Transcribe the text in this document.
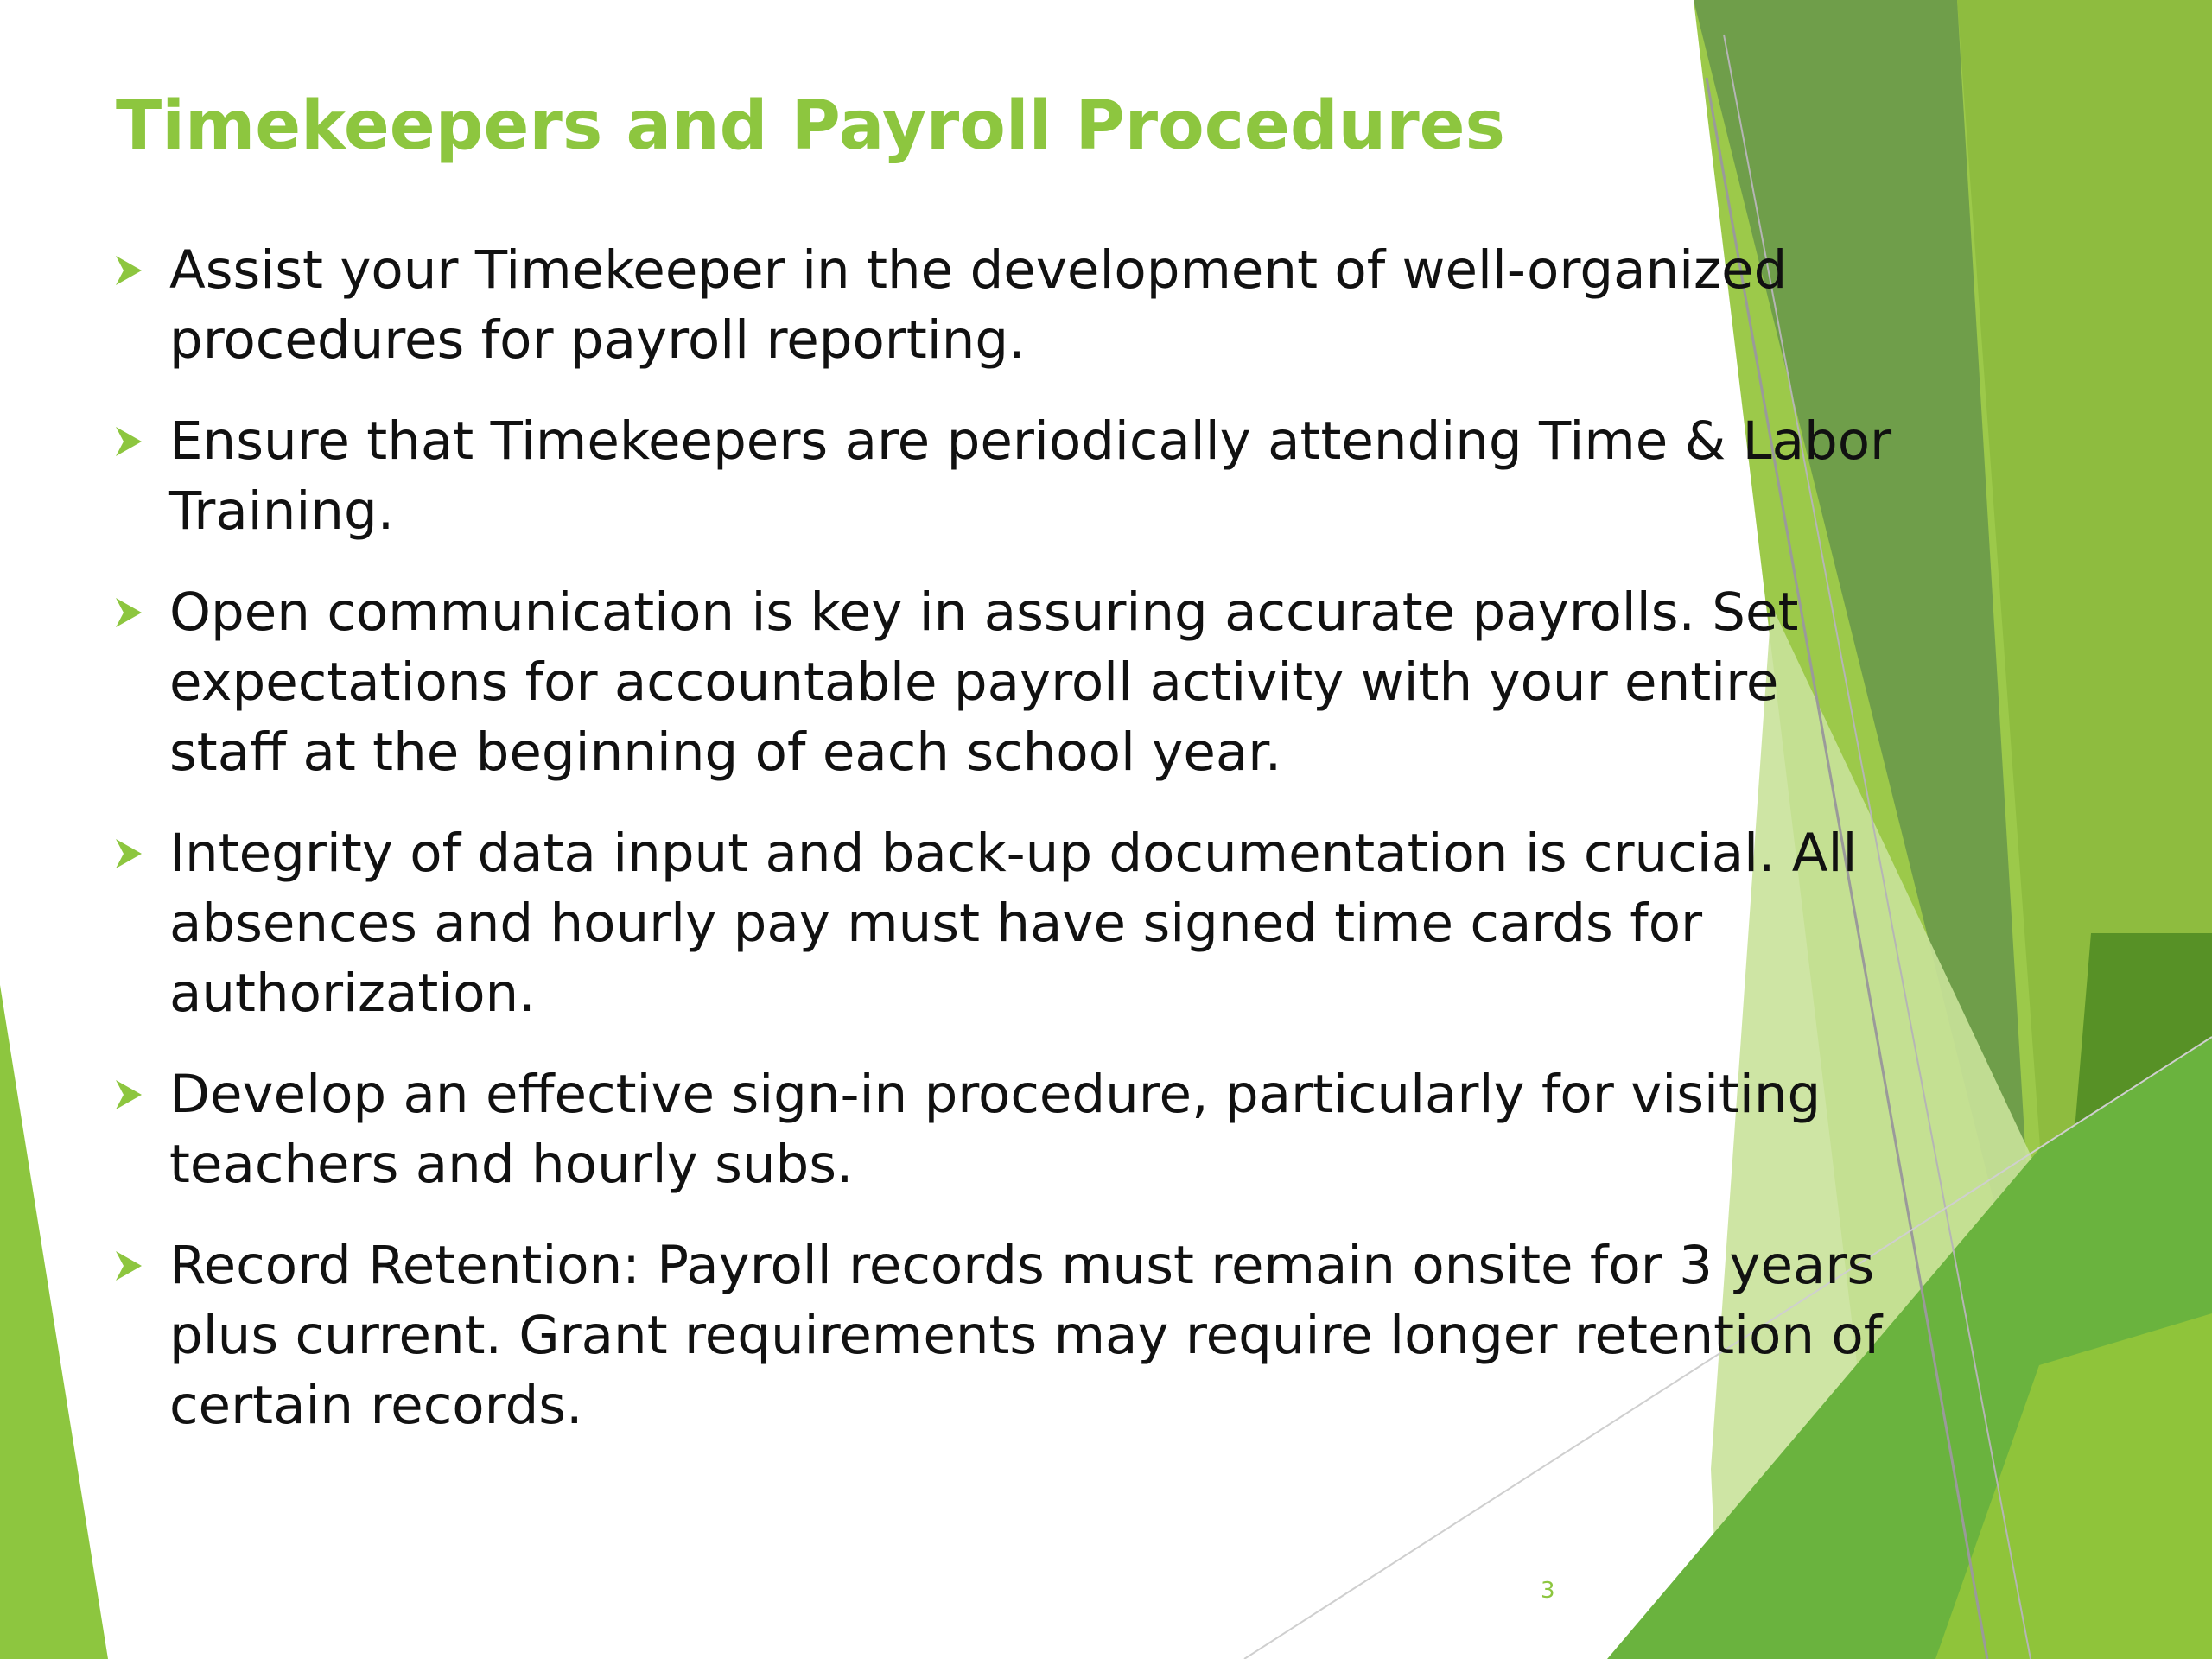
Timekeepers and Payroll Procedures
Assist your Timekeeper in the development of well-organized procedures for payroll reporting.
Ensure that Timekeepers are periodically attending Time & Labor Training.
Open communication is key in assuring accurate payrolls. Set expectations for accountable payroll activity with your entire staff at the beginning of each school year.
Integrity of data input and back-up documentation is crucial. All absences and hourly pay must have signed time cards for authorization.
Develop an effective sign-in procedure, particularly for visiting teachers and hourly subs.
Record Retention: Payroll records must remain onsite for 3 years plus current. Grant requirements may require longer retention of certain records.
3
